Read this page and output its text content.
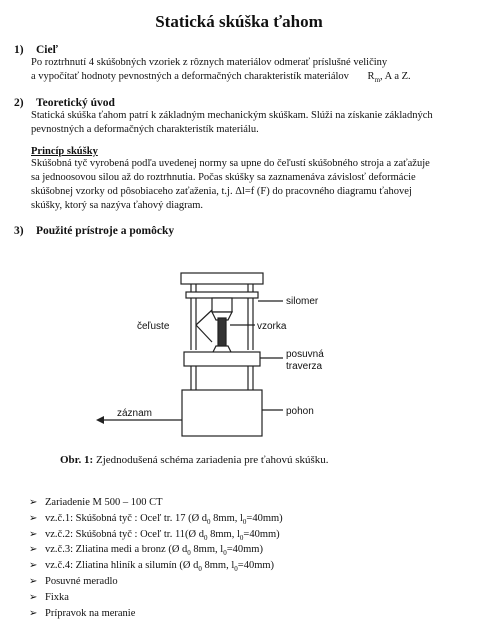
Statická skúška ťahom
1) Cieľ
Po roztrhnutí 4 skúšobných vzoriek z rôznych materiálov odmerať príslušné veličiny
a vypočítať hodnoty pevnostných a deformačných charakteristík materiálov $R_m$, A a Z.
2) Teoretický úvod
Statická skúška ťahom patrí k základným mechanickým skúškam. Slúži na získanie základných
pevnostných a deformačných charakteristík materiálu.
Princíp skúšky
Skúšobná tyč vyrobená podľa uvedenej normy sa upne do čeľustí skúšobného stroja a zaťažuje
sa jednoosovou silou až do roztrhnutia. Počas skúšky sa zaznamenáva závislosť deformácie
skúšobnej vzorky od pôsobiaceho zaťaženia, t.j. Δl=f (F) do pracovného diagramu ťahovej
skúšky, ktorý sa nazýva ťahový diagram.
3) Použité prístroje a pomôcky
silomer
čeľuste	vzorka
posuvná
traverza
záznam	pohon
Obr. 1: Zjednodušená schéma zariadenia pre ťahovú skúšku.
➢ Zariadenie M 500 – 100 CT
➢ vz.č.1: Skúšobná tyč : Oceľ tr. 17 (Ø $d_0$ 8mm, $l_0=40mm$)
➢ vz.č.2: Skúšobná tyč : Oceľ tr. 11(Ø $d_0$ 8mm, $l_0=40mm$)
➢ vz.č.3: Zliatina medi a bronz (Ø $d_0$ 8mm, $l_0=40mm$)
➢ vz.č.4: Zliatina hliník a silumín (Ø $d_0$ 8mm, $l_0=40mm$)
➢ Posuvné meradlo
➢ Fixka
➢ Prípravok na meranie
